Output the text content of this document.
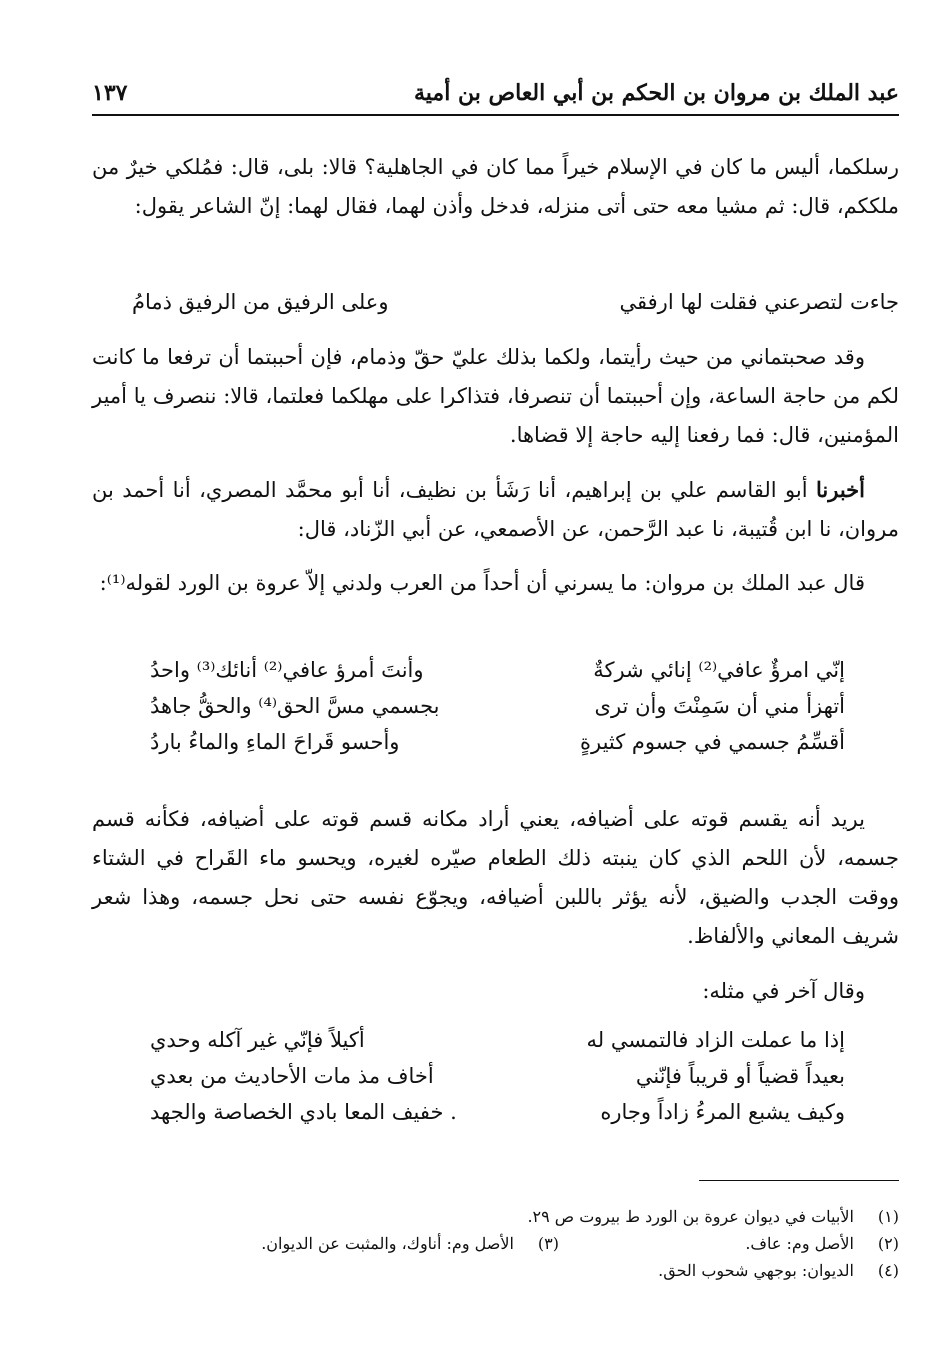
عبد الملك بن مروان بن الحكم بن أبي العاص بن أمية
١٣٧

رسلكما، أليس ما كان في الإسلام خيراً مما كان في الجاهلية؟ قالا: بلى، قال: فمُلكي خيرٌ من ملككم، قال: ثم مشيا معه حتى أتى منزله، فدخل وأذن لهما، فقال لهما: إنّ الشاعر يقول:

جاءت لتصرعني فقلت لها ارفقي
وعلى الرفيق من الرفيق ذمامُ

وقد صحبتماني من حيث رأيتما، ولكما بذلك عليّ حقّ وذمام، فإن أحببتما أن ترفعا ما كانت لكم من حاجة الساعة، وإن أحببتما أن تنصرفا، فتذاكرا على مهلكما فعلتما، قالا: ننصرف يا أمير المؤمنين، قال: فما رفعنا إليه حاجة إلا قضاها.

أخبرنا أبو القاسم علي بن إبراهيم، أنا رَشَأ بن نظيف، أنا أبو محمَّد المصري، أنا أحمد بن مروان، نا ابن قُتيبة، نا عبد الرَّحمن، عن الأصمعي، عن أبي الزّناد، قال:

قال عبد الملك بن مروان: ما يسرني أن أحداً من العرب ولدني إلاّ عروة بن الورد لقوله⁽¹⁾:

إنّي امرؤٌ عافي⁽²⁾ إنائي شركةٌ
وأنتَ أمرؤ عافي⁽²⁾ أنائك⁽³⁾ واحدُ
أتهزأ مني أن سَمِنْتَ وأن ترى
بجسمي مسَّ الحق⁽⁴⁾ والحقُّ جاهدُ
أقسِّمُ جسمي في جسوم كثيرةٍ
وأحسو قَراحَ الماءِ والماءُ باردُ

يريد أنه يقسم قوته على أضيافه، يعني أراد مكانه قسم قوته على أضيافه، فكأنه قسم جسمه، لأن اللحم الذي كان ينبته ذلك الطعام صيّره لغيره، ويحسو ماء القَراح في الشتاء ووقت الجدب والضيق، لأنه يؤثر باللبن أضيافه، ويجوّع نفسه حتى نحل جسمه، وهذا شعر شريف المعاني والألفاظ.

وقال آخر في مثله:

إذا ما عملت الزاد فالتمسي له
أكيلاً فإنّي غير آكله وحدي
بعيداً قضياً أو قريباً فإنّني
أخاف مذ مات الأحاديث من بعدي
وكيف يشبع المرءُ زاداً وجاره
. خفيف المعا بادي الخصاصة والجهد
(١) الأبيات في ديوان عروة بن الورد ط بيروت ص ٢٩.
(٢) الأصل وم: عاف.
(٣) الأصل وم: أناوك، والمثبت عن الديوان.
(٤) الديوان: بوجهي شحوب الحق.
